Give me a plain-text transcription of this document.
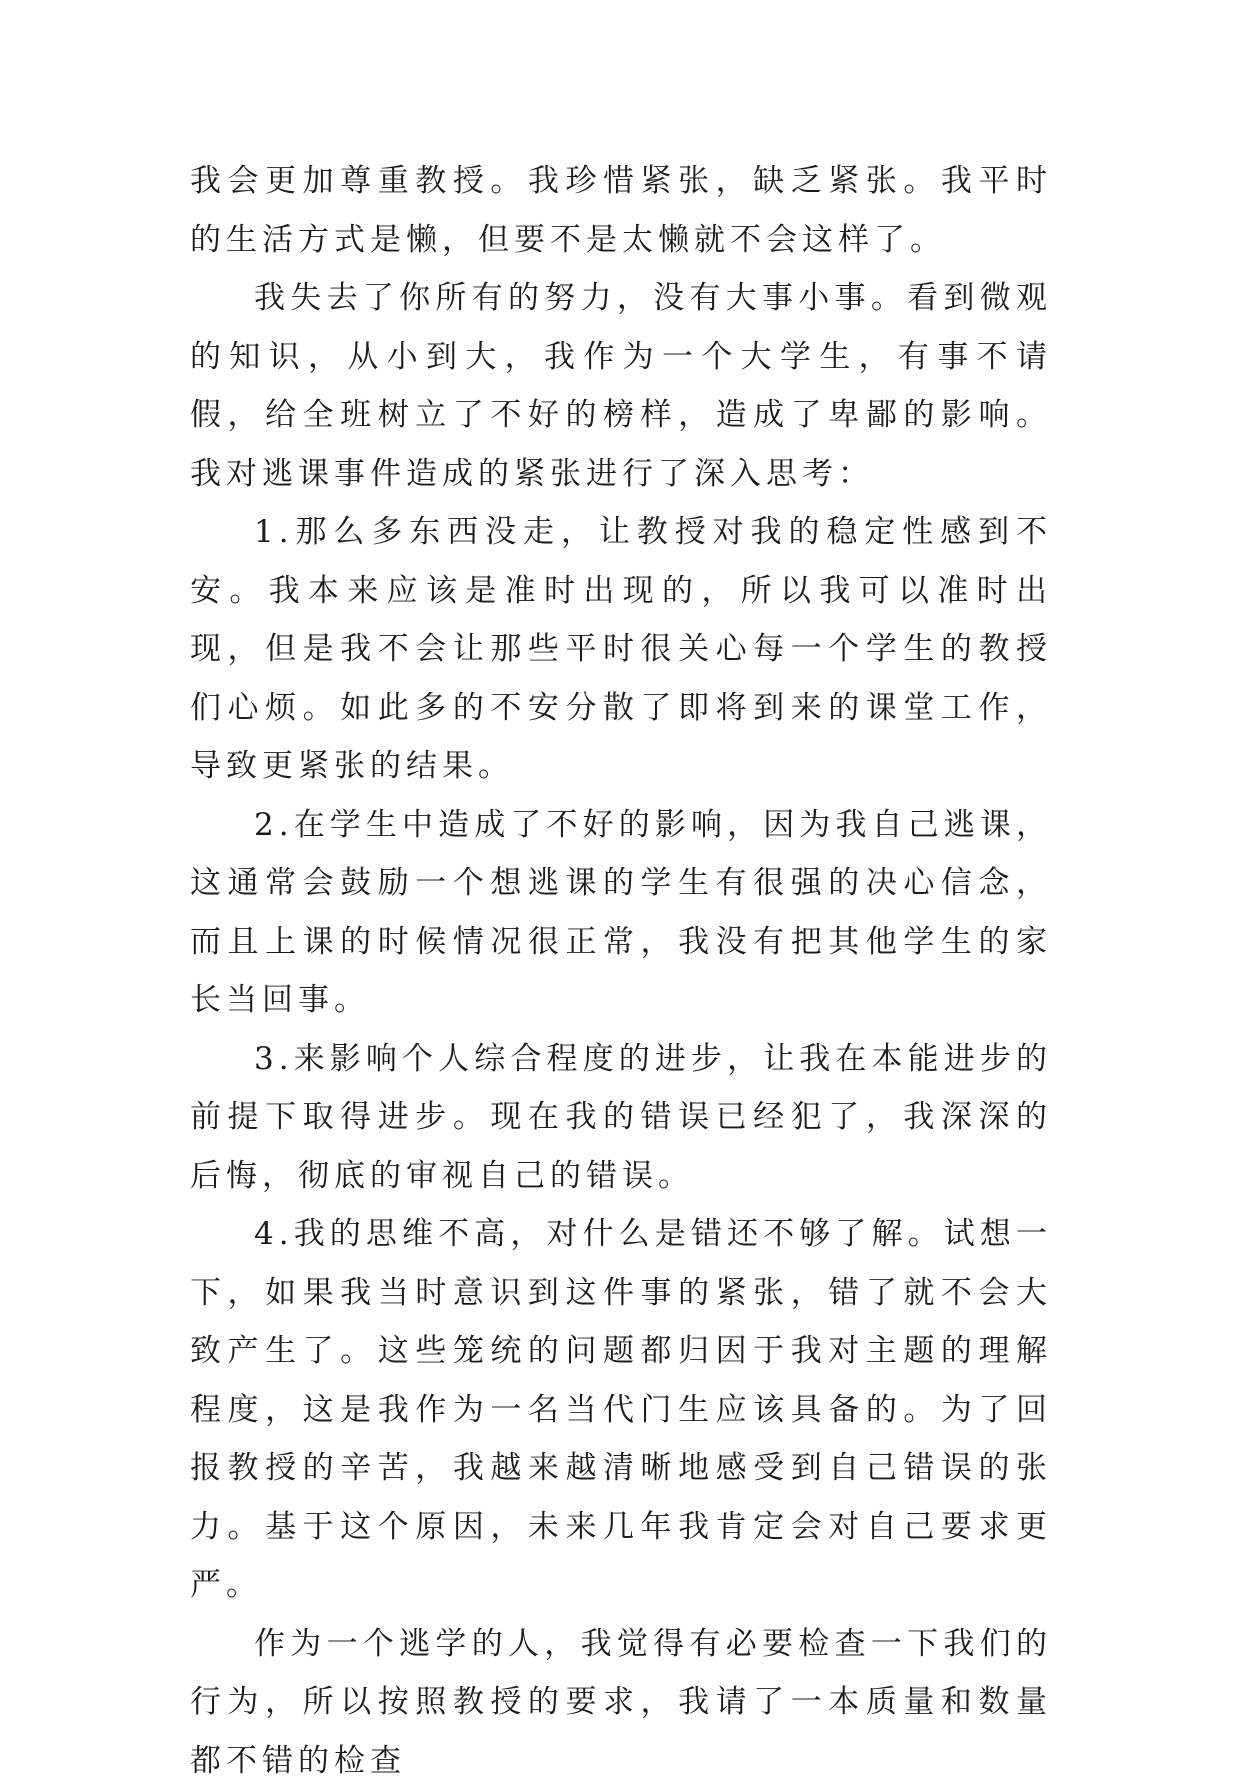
我会更加尊重教授。我珍惜紧张，缺乏紧张。我平时的生活方式是懒，但要不是太懒就不会这样了。

我失去了你所有的努力，没有大事小事。看到微观的知识，从小到大，我作为一个大学生，有事不请假，给全班树立了不好的榜样，造成了卑鄙的影响。我对逃课事件造成的紧张进行了深入思考：

1.那么多东西没走，让教授对我的稳定性感到不安。我本来应该是准时出现的，所以我可以准时出现，但是我不会让那些平时很关心每一个学生的教授们心烦。如此多的不安分散了即将到来的课堂工作，导致更紧张的结果。

2.在学生中造成了不好的影响，因为我自己逃课，这通常会鼓励一个想逃课的学生有很强的决心信念，而且上课的时候情况很正常，我没有把其他学生的家长当回事。

3.来影响个人综合程度的进步，让我在本能进步的前提下取得进步。现在我的错误已经犯了，我深深的后悔，彻底的审视自己的错误。

4.我的思维不高，对什么是错还不够了解。试想一下，如果我当时意识到这件事的紧张，错了就不会大致产生了。这些笼统的问题都归因于我对主题的理解程度，这是我作为一名当代门生应该具备的。为了回报教授的辛苦，我越来越清晰地感受到自己错误的张力。基于这个原因，未来几年我肯定会对自己要求更严。

作为一个逃学的人，我觉得有必要检查一下我们的行为，所以按照教授的要求，我请了一本质量和数量都不错的检查
